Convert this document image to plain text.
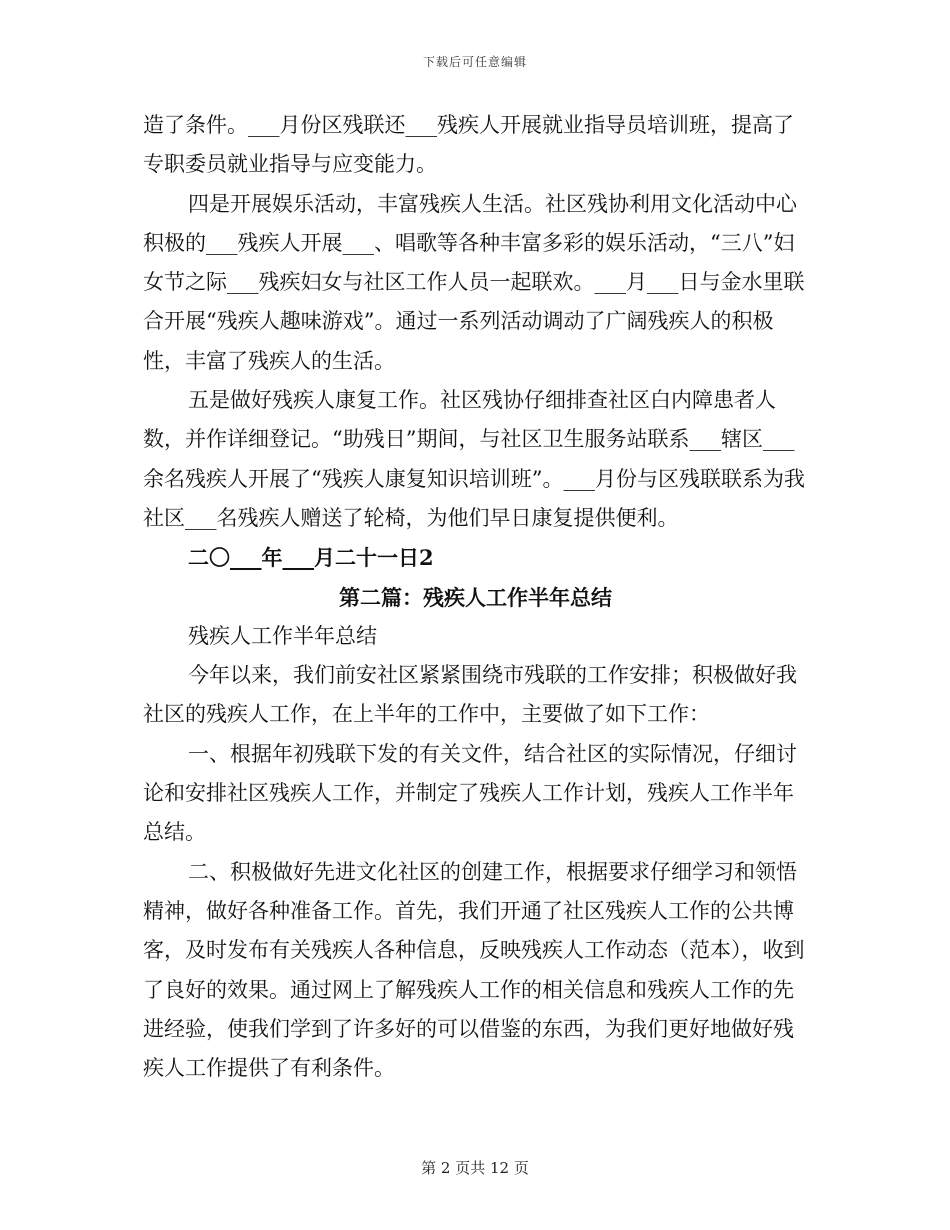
下载后可任意编辑

造了条件。___月份区残联还___残疾人开展就业指导员培训班，提高了专职委员就业指导与应变能力。

四是开展娱乐活动，丰富残疾人生活。社区残协利用文化活动中心积极的___残疾人开展___、唱歌等各种丰富多彩的娱乐活动，“三八”妇女节之际___残疾妇女与社区工作人员一起联欢。___月___日与金水里联合开展“残疾人趣味游戏”。通过一系列活动调动了广阔残疾人的积极性，丰富了残疾人的生活。

五是做好残疾人康复工作。社区残协仔细排查社区白内障患者人数，并作详细登记。“助残日”期间，与社区卫生服务站联系___辖区___余名残疾人开展了“残疾人康复知识培训班”。___月份与区残联联系为我社区___名残疾人赠送了轮椅，为他们早日康复提供便利。

二〇___年___月二十一日2

第二篇：残疾人工作半年总结

残疾人工作半年总结

今年以来，我们前安社区紧紧围绕市残联的工作安排；积极做好我社区的残疾人工作，在上半年的工作中，主要做了如下工作：

一、根据年初残联下发的有关文件，结合社区的实际情况，仔细讨论和安排社区残疾人工作，并制定了残疾人工作计划，残疾人工作半年总结。

二、积极做好先进文化社区的创建工作，根据要求仔细学习和领悟精神，做好各种准备工作。首先，我们开通了社区残疾人工作的公共博客，及时发布有关残疾人各种信息，反映残疾人工作动态（范本），收到了良好的效果。通过网上了解残疾人工作的相关信息和残疾人工作的先进经验，使我们学到了许多好的可以借鉴的东西，为我们更好地做好残疾人工作提供了有利条件。

第 2 页共 12 页
